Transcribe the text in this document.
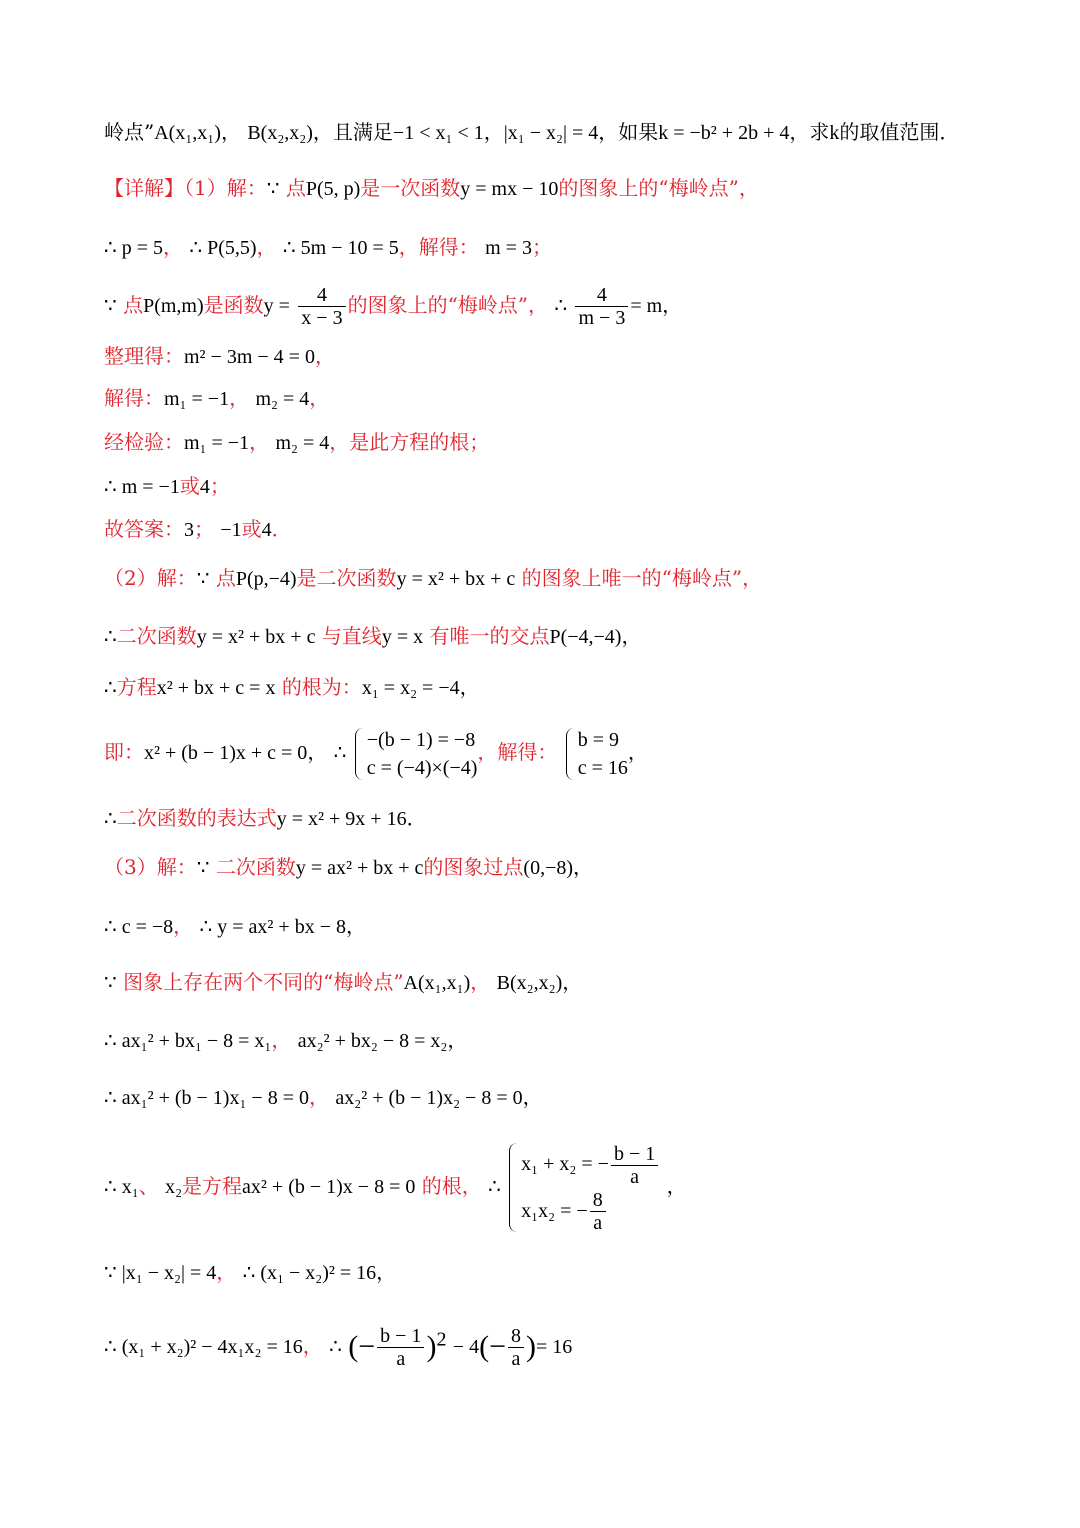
岭点”A(x₁,x₁)， B(x₂,x₂)，且满足−1 < x₁ < 1，|x₁ − x₂| = 4，如果k = −b² + 2b + 4，求k的取值范围．
【详解】（1）解：∵ 点P(5, p)是一次函数y = mx − 10的图象上的“梅岭点”，
∴ p = 5， ∴ P(5,5)， ∴ 5m − 10 = 5，解得： m = 3；
∵ 点P(m,m)是函数$y = \frac{4}{x - 3}$ 的图象上的“梅岭点”， ∴ $\frac{4}{m - 3} = m$，
整理得：m² − 3m − 4 = 0，
解得：m₁ = −1， m₂ = 4，
经检验：m₁ = −1， m₂ = 4，是此方程的根；
∴ m = −1或4；
故答案：3； −1或4．
（2）解：∵ 点P(p,−4)是二次函数y = x² + bx + c 的图象上唯一的“梅岭点”，
∴二次函数y = x² + bx + c 与直线y = x 有唯一的交点P(−4,−4)，
∴方程x² + bx + c = x 的根为：x₁ = x₂ = −4，
即：x² + (b − 1)x + c = 0， ∴
−(b − 1) = −8
c = (−4)×(−4)
，解得：
b = 9
c = 16
，
∴二次函数的表达式y = x² + 9x + 16．
（3）解：∵ 二次函数y = ax² + bx + c的图象过点(0,−8)，
∴ c = −8， ∴ y = ax² + bx − 8，
∵ 图象上存在两个不同的“梅岭点”A(x₁,x₁)， B(x₂,x₂)，
∴ ax₁² + bx₁ − 8 = x₁， ax₂² + bx₂ − 8 = x₂，
∴ ax₁² + (b − 1)x₁ − 8 = 0， ax₂² + (b − 1)x₂ − 8 = 0，
∴ x₁、 x₂是方程ax² + (b − 1)x − 8 = 0 的根， ∴
x₁ + x₂ = − $\frac{b - 1}{a}$
x₁x₂ = − $\frac{8}{a}$
，
∵ |x₁ − x₂| = 4， ∴ (x₁ − x₂)² = 16，
∴ (x₁ + x₂)² − 4x₁x₂ = 16， ∴ (− $\frac{b - 1}{a} )^2 - 4(- \frac{8}{a}$ )= 16
